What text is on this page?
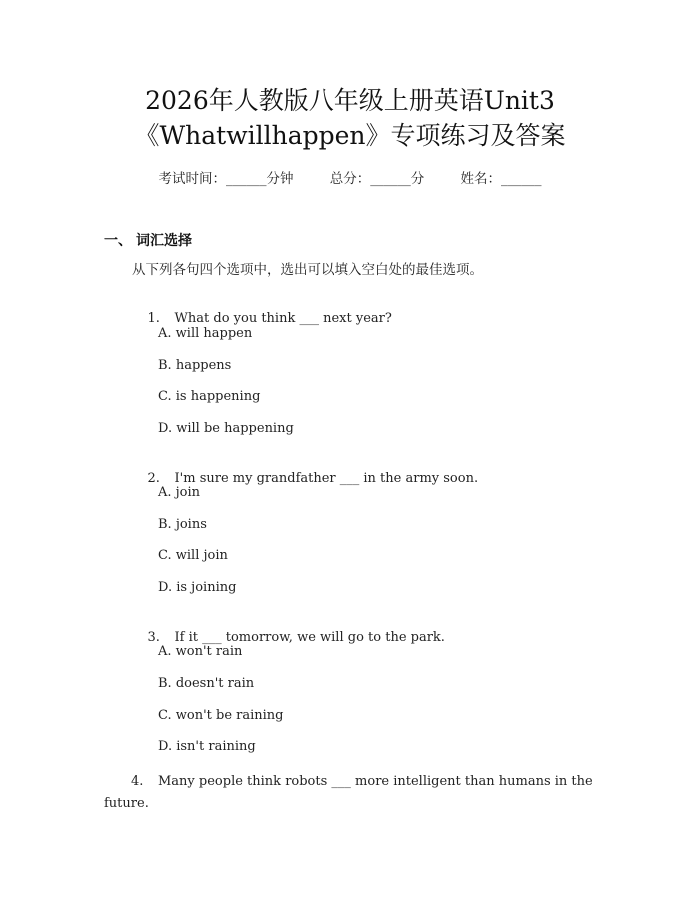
2026年人教版八年级上册英语Unit3
《Whatwillhappen》专项练习及答案
考试时间：______分钟	总分：______分	姓名：______
一、 词汇选择
从下列各句四个选项中，选出可以填入空白处的最佳选项。

1. What do you think ___ next year?

A. will happen
B. happens
C. is happening
D. will be happening

2. I'm sure my grandfather ___ in the army soon.

A. join
B. joins
C. will join
D. is joining

3. If it ___ tomorrow, we will go to the park.

A. won't rain
B. doesn't rain
C. won't be raining
D. isn't raining
4. Many people think robots ___ more intelligent than humans in the future.
